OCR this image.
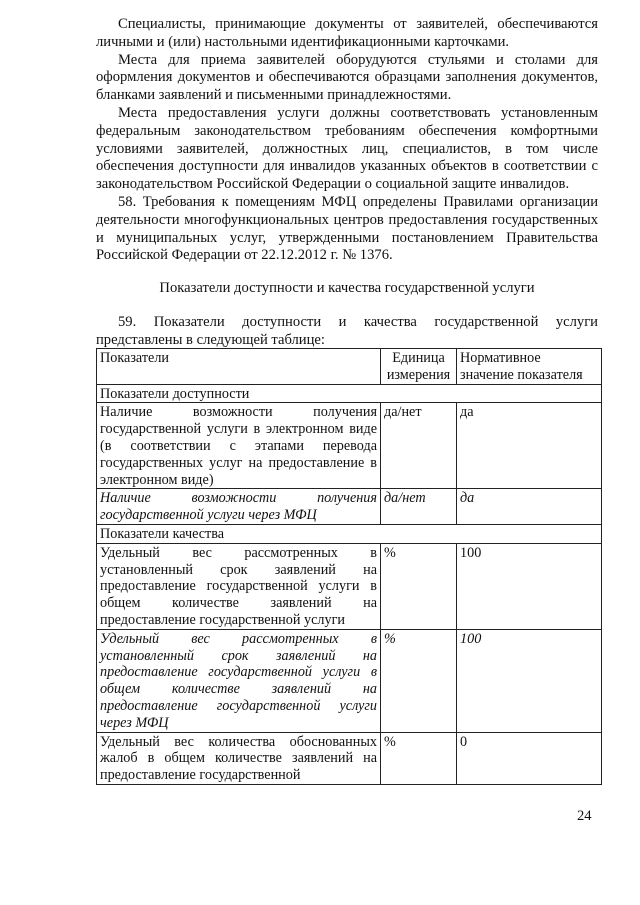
Специалисты, принимающие документы от заявителей, обеспечиваются личными и (или) настольными идентификационными карточками.

Места для приема заявителей оборудуются стульями и столами для оформления документов и обеспечиваются образцами заполнения документов, бланками заявлений и письменными принадлежностями.

Места предоставления услуги должны соответствовать установленным федеральным законодательством требованиям обеспечения комфортными условиями заявителей, должностных лиц, специалистов, в том числе обеспечения доступности для инвалидов указанных объектов в соответствии с законодательством Российской Федерации о социальной защите инвалидов.

58. Требования к помещениям МФЦ определены Правилами организации деятельности многофункциональных центров предоставления государственных и муниципальных услуг, утвержденными постановлением Правительства Российской Федерации от 22.12.2012 г. № 1376.

Показатели доступности и качества государственной услуги

59. Показатели доступности и качества государственной услуги представлены в следующей таблице:

Показатели	Единица измерения	Нормативное значение показателя
Показатели доступности		
Наличие возможности получения государственной услуги в электронном виде (в соответствии с этапами перевода государственных услуг на предоставление в электронном виде)	да/нет	да
Наличие возможности получения государственной услуги через МФЦ	да/нет	да
Показатели качества		
Удельный вес рассмотренных в установленный срок заявлений на предоставление государственной услуги в общем количестве заявлений на предоставление государственной услуги	%	100
Удельный вес рассмотренных в установленный срок заявлений на предоставление государственной услуги в общем количестве заявлений на предоставление государственной услуги через МФЦ	%	100
Удельный вес количества обоснованных жалоб в общем количестве заявлений на предоставление государственной	%	0
24
